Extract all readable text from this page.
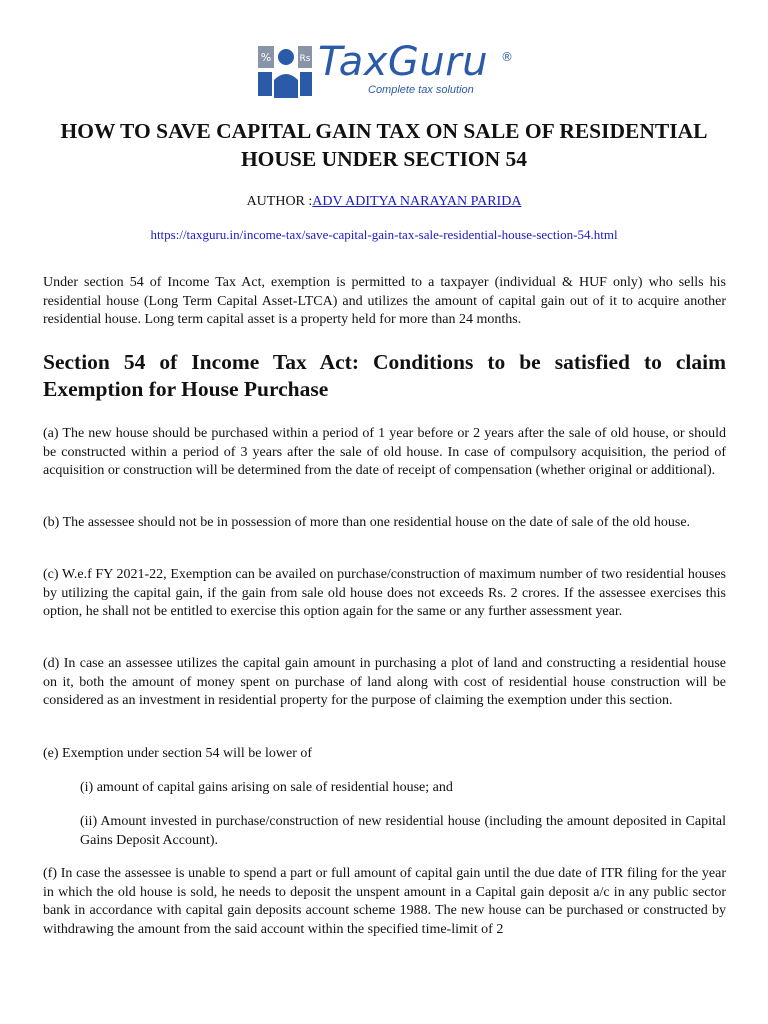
%	Rs TaxGuru ®
Complete tax solution
HOW TO SAVE CAPITAL GAIN TAX ON SALE OF RESIDENTIAL HOUSE UNDER SECTION 54
AUTHOR :ADV ADITYA NARAYAN PARIDA
https://taxguru.in/income-tax/save-capital-gain-tax-sale-residential-house-section-54.html

Under section 54 of Income Tax Act, exemption is permitted to a taxpayer (individual & HUF only) who sells his residential house (Long Term Capital Asset-LTCA) and utilizes the amount of capital gain out of it to acquire another residential house. Long term capital asset is a property held for more than 24 months.

Section 54 of Income Tax Act: Conditions to be satisfied to claim Exemption for House Purchase

(a) The new house should be purchased within a period of 1 year before or 2 years after the sale of old house, or should be constructed within a period of 3 years after the sale of old house. In case of compulsory acquisition, the period of acquisition or construction will be determined from the date of receipt of compensation (whether original or additional).

(b) The assessee should not be in possession of more than one residential house on the date of sale of the old house.

(c) W.e.f FY 2021-22, Exemption can be availed on purchase/construction of maximum number of two residential houses by utilizing the capital gain, if the gain from sale old house does not exceeds Rs. 2 crores. If the assessee exercises this option, he shall not be entitled to exercise this option again for the same or any further assessment year.

(d) In case an assessee utilizes the capital gain amount in purchasing a plot of land and constructing a residential house on it, both the amount of money spent on purchase of land along with cost of residential house construction will be considered as an investment in residential property for the purpose of claiming the exemption under this section.

(e) Exemption under section 54 will be lower of

(i) amount of capital gains arising on sale of residential house; and

(ii) Amount invested in purchase/construction of new residential house (including the amount deposited in Capital Gains Deposit Account).

(f) In case the assessee is unable to spend a part or full amount of capital gain until the due date of ITR filing for the year in which the old house is sold, he needs to deposit the unspent amount in a Capital gain deposit a/c in any public sector bank in accordance with capital gain deposits account scheme 1988. The new house can be purchased or constructed by withdrawing the amount from the said account within the specified time-limit of 2
